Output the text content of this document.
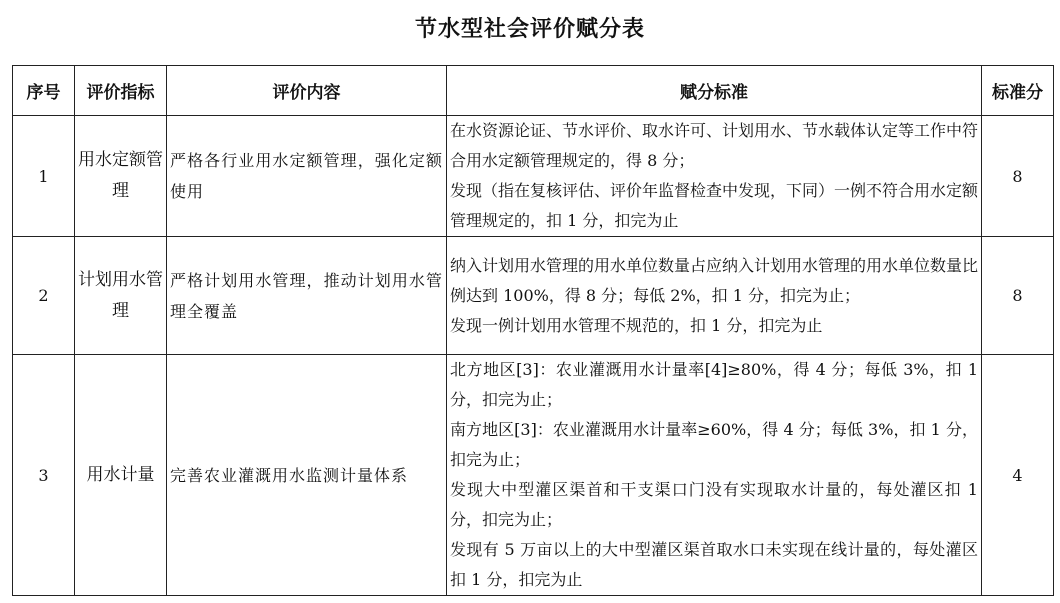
节水型社会评价赋分表
序号	评价指标	评价内容	赋分标准	标准分
1	用水定额管理	严格各行业用水定额管理，强化定额使用	在水资源论证、节水评价、取水许可、计划用水、节水载体认定等工作中符合用水定额管理规定的，得 8 分；
发现（指在复核评估、评价年监督检查中发现，下同）一例不符合用水定额管理规定的，扣 1 分，扣完为止	8
2	计划用水管理	严格计划用水管理，推动计划用水管理全覆盖	纳入计划用水管理的用水单位数量占应纳入计划用水管理的用水单位数量比例达到 100%，得 8 分；每低 2%，扣 1 分，扣完为止；
发现一例计划用水管理不规范的，扣 1 分，扣完为止	8
3	用水计量	完善农业灌溉用水监测计量体系	北方地区[3]：农业灌溉用水计量率[4]≥80%，得 4 分；每低 3%，扣 1 分，扣完为止；
南方地区[3]：农业灌溉用水计量率≥60%，得 4 分；每低 3%，扣 1 分，扣完为止；
发现大中型灌区渠首和干支渠口门没有实现取水计量的，每处灌区扣 1 分，扣完为止；
发现有 5 万亩以上的大中型灌区渠首取水口未实现在线计量的，每处灌区扣 1 分，扣完为止	4
